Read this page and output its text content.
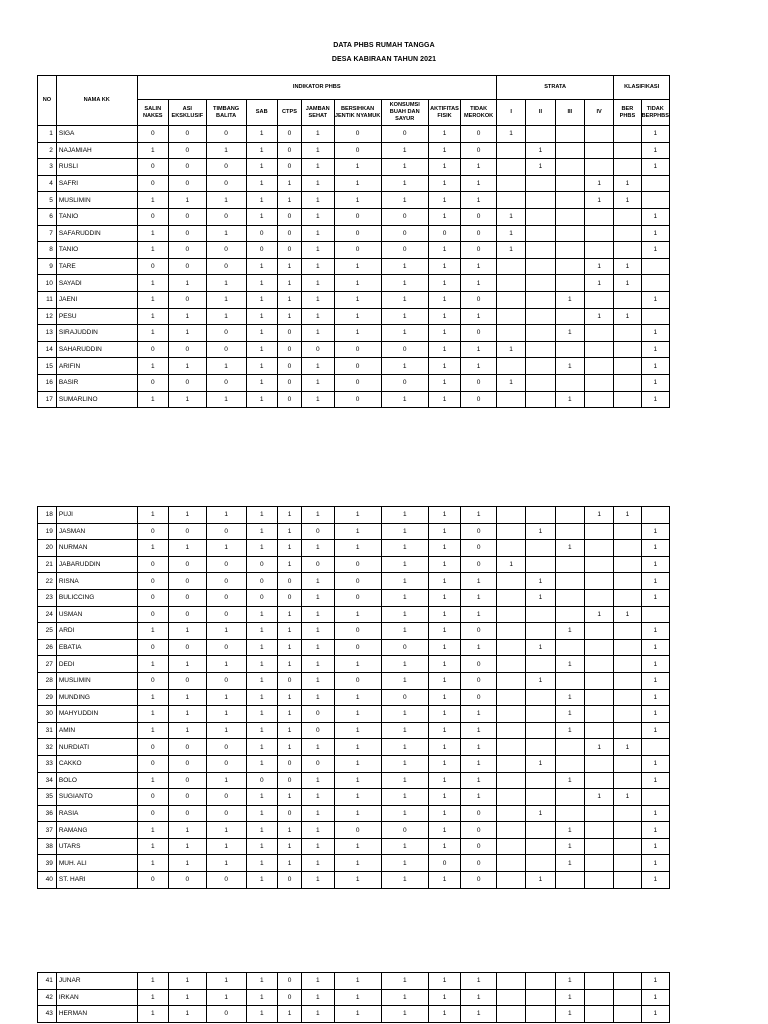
DATA PHBS RUMAH TANGGA
DESA KABIRAAN TAHUN 2021
NO	NAMA KK	INDIKATOR PHBS										STRATA				KLASIFIKASI	
		SALIN NAKES	ASI EKSKLUSIF	TIMBANG BALITA	SAB	CTPS	JAMBAN SEHAT	BERSIHKAN JENTIK NYAMUK	KONSUMSI BUAH DAN SAYUR	AKTIFITAS FISIK	TIDAK MEROKOK	I	II	III	IV	BER PHBS	TIDAK BERPHBS
1	SIGA	0	0	0	1	0	1	0	0	1	0	1					1
2	NAJAMIAH	1	0	1	1	0	1	0	1	1	0		1				1
3	RUSLI	0	0	0	1	0	1	1	1	1	1		1				1
4	SAFRI	0	0	0	1	1	1	1	1	1	1				1	1	
5	MUSLIMIN	1	1	1	1	1	1	1	1	1	1				1	1	
6	TANIO	0	0	0	1	0	1	0	0	1	0	1					1
7	SAFARUDDIN	1	0	1	0	0	1	0	0	0	0	1					1
8	TANIO	1	0	0	0	0	1	0	0	1	0	1					1
9	TARE	0	0	0	1	1	1	1	1	1	1				1	1	
10	SAYADI	1	1	1	1	1	1	1	1	1	1				1	1	
11	JAENI	1	0	1	1	1	1	1	1	1	0			1			1
12	PESU	1	1	1	1	1	1	1	1	1	1				1	1	
13	SIRAJUDDIN	1	1	0	1	0	1	1	1	1	0			1			1
14	SAHARUDDIN	0	0	0	1	0	0	0	0	1	1	1					1
15	ARIFIN	1	1	1	1	0	1	0	1	1	1			1			1
16	BASIR	0	0	0	1	0	1	0	0	1	0	1					1
17	SUMARLINO	1	1	1	1	0	1	0	1	1	0			1			1
18	PUJI	1	1	1	1	1	1	1	1	1	1				1	1	
19	JASMAN	0	0	0	1	1	0	1	1	1	0		1				1
20	NURMAN	1	1	1	1	1	1	1	1	1	0			1			1
21	JABARUDDIN	0	0	0	0	1	0	0	1	1	0	1					1
22	RISNA	0	0	0	0	0	1	0	1	1	1		1				1
23	BULICCING	0	0	0	0	0	1	0	1	1	1		1				1
24	USMAN	0	0	0	1	1	1	1	1	1	1				1	1	
25	ARDI	1	1	1	1	1	1	0	1	1	0			1			1
26	EBATIA	0	0	0	1	1	1	0	0	1	1		1				1
27	DEDI	1	1	1	1	1	1	1	1	1	0			1			1
28	MUSLIMIN	0	0	0	1	0	1	0	1	1	0		1				1
29	MUNDING	1	1	1	1	1	1	1	0	1	0			1			1
30	MAHYUDDIN	1	1	1	1	1	0	1	1	1	1			1			1
31	AMIN	1	1	1	1	1	0	1	1	1	1			1			1
32	NURDIATI	0	0	0	1	1	1	1	1	1	1				1	1	
33	CAKKO	0	0	0	1	0	0	1	1	1	1		1				1
34	BOLO	1	0	1	0	0	1	1	1	1	1			1			1
35	SUGIANTO	0	0	0	1	1	1	1	1	1	1				1	1	
36	RASIA	0	0	0	1	0	1	1	1	1	0		1				1
37	RAMANG	1	1	1	1	1	1	0	0	1	0			1			1
38	UTARS	1	1	1	1	1	1	1	1	1	0			1			1
39	MUH. ALI	1	1	1	1	1	1	1	1	0	0			1			1
40	ST. HARI	0	0	0	1	0	1	1	1	1	0		1				1
41	JUNAR	1	1	1	1	0	1	1	1	1	1			1			1
42	IRKAN	1	1	1	1	0	1	1	1	1	1			1			1
43	HERMAN	1	1	0	1	1	1	1	1	1	1			1			1
